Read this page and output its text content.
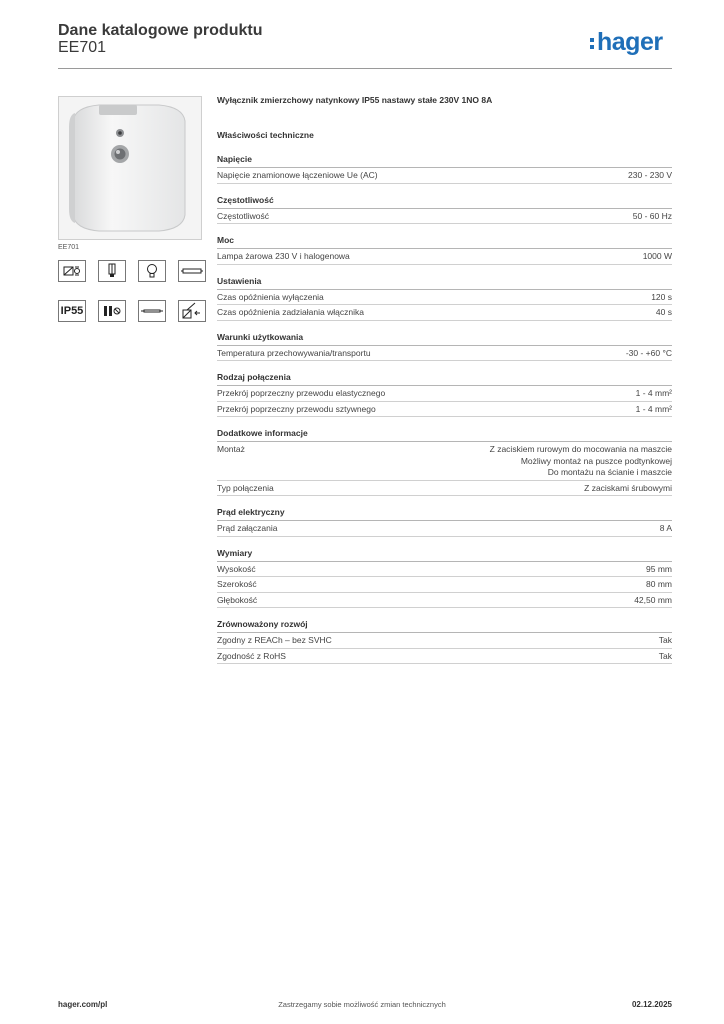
Dane katalogowe produktu
EE701	hager
EE701
IP55
Wyłącznik zmierzchowy natynkowy IP55 nastawy stałe 230V 1NO 8A
Właściwości techniczne
Napięcie
Napięcie znamionowe łączeniowe Ue (AC)	230 - 230 V
Częstotliwość
Częstotliwość	50 - 60 Hz
Moc
Lampa żarowa 230 V i halogenowa	1000 W
Ustawienia
Czas opóźnienia wyłączenia	120 s
Czas opóźnienia zadziałania włącznika	40 s
Warunki użytkowania
Temperatura przechowywania/transportu	-30 - +60 °C
Rodzaj połączenia
Przekrój poprzeczny przewodu elastycznego	1 - 4 mm²
Przekrój poprzeczny przewodu sztywnego	1 - 4 mm²
Dodatkowe informacje
Montaż	Z zaciskiem rurowym do mocowania na maszcie
Możliwy montaż na puszce podtynkowej
Do montażu na ścianie i maszcie
Typ połączenia	Z zaciskami śrubowymi
Prąd elektryczny
Prąd załączania	8 A
Wymiary
Wysokość	95 mm
Szerokość	80 mm
Głębokość	42,50 mm
Zrównoważony rozwój
Zgodny z REACh – bez SVHC	Tak
Zgodność z RoHS	Tak
hager.com/pl	Zastrzegamy sobie możliwość zmian technicznych	02.12.2025
